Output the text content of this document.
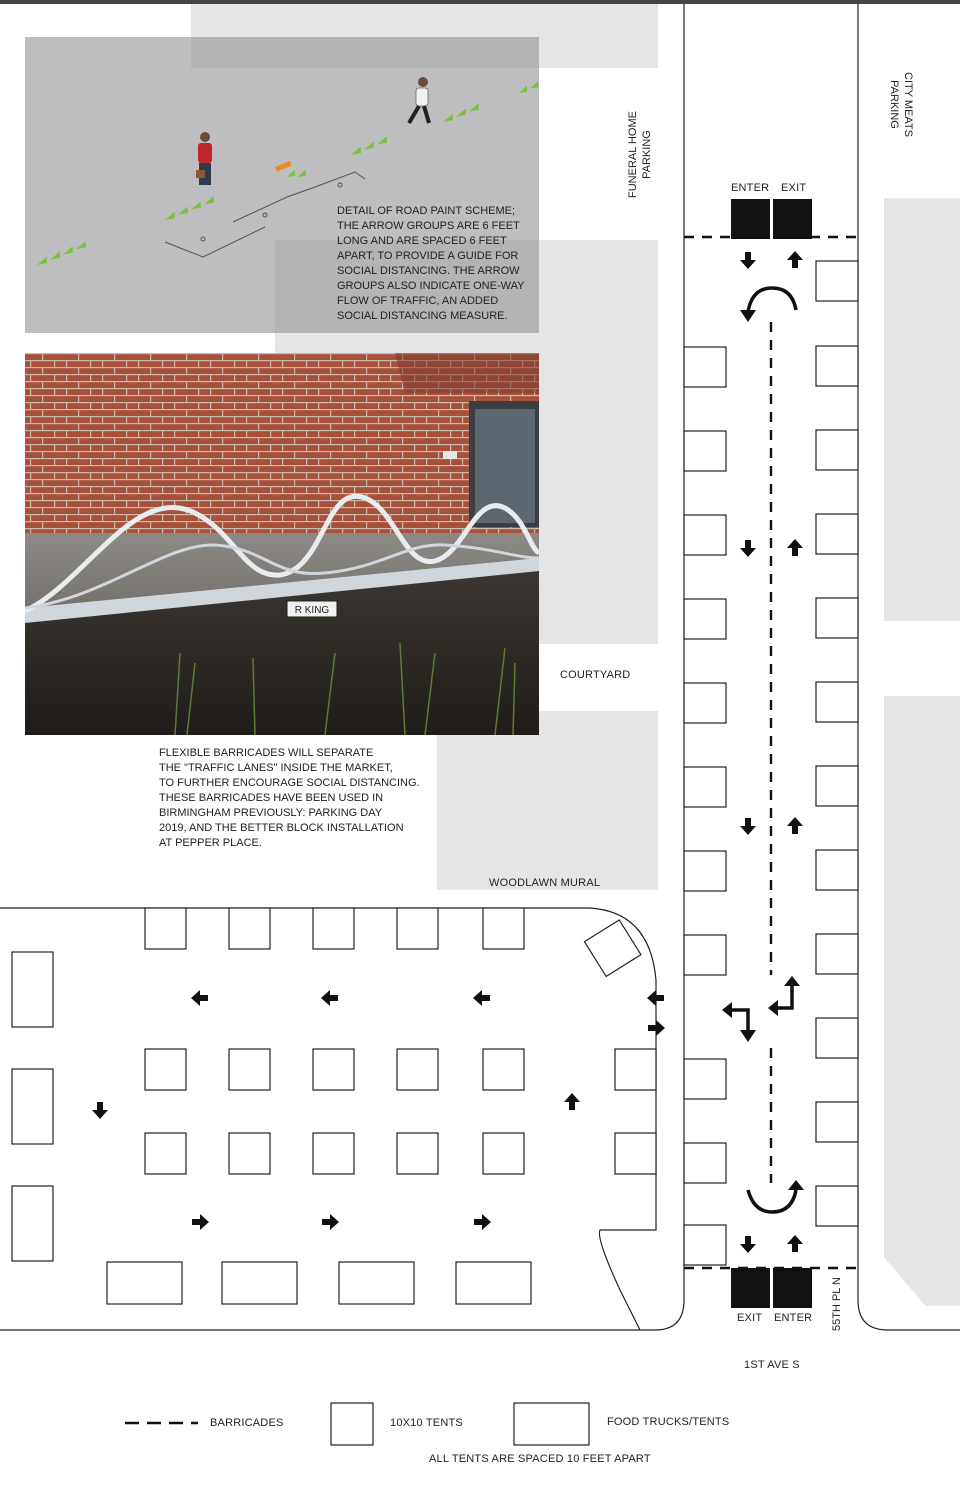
DETAIL OF ROAD PAINT SCHEME;
THE ARROW GROUPS ARE 6 FEET
LONG AND ARE SPACED 6 FEET
APART, TO PROVIDE A GUIDE FOR
SOCIAL DISTANCING. THE ARROW
GROUPS ALSO INDICATE ONE-WAY
FLOW OF TRAFFIC, AN ADDED
SOCIAL DISTANCING MEASURE.
R KING
FLEXIBLE BARRICADES WILL SEPARATE
THE "TRAFFIC LANES" INSIDE THE MARKET,
TO FURTHER ENCOURAGE SOCIAL DISTANCING.
THESE BARRICADES HAVE BEEN USED IN
BIRMINGHAM PREVIOUSLY: PARKING DAY
2019, AND THE BETTER BLOCK INSTALLATION
AT PEPPER PLACE.
FUNERAL HOME PARKING
CITY MEATS
PARKING
COURTYARD
WOODLAWN MURAL
ENTER EXIT
EXIT ENTER 55TH PL N
1ST AVE S
BARRICADES	10X10 TENTS	FOOD TRUCKS/TENTS
ALL TENTS ARE SPACED 10 FEET APART
